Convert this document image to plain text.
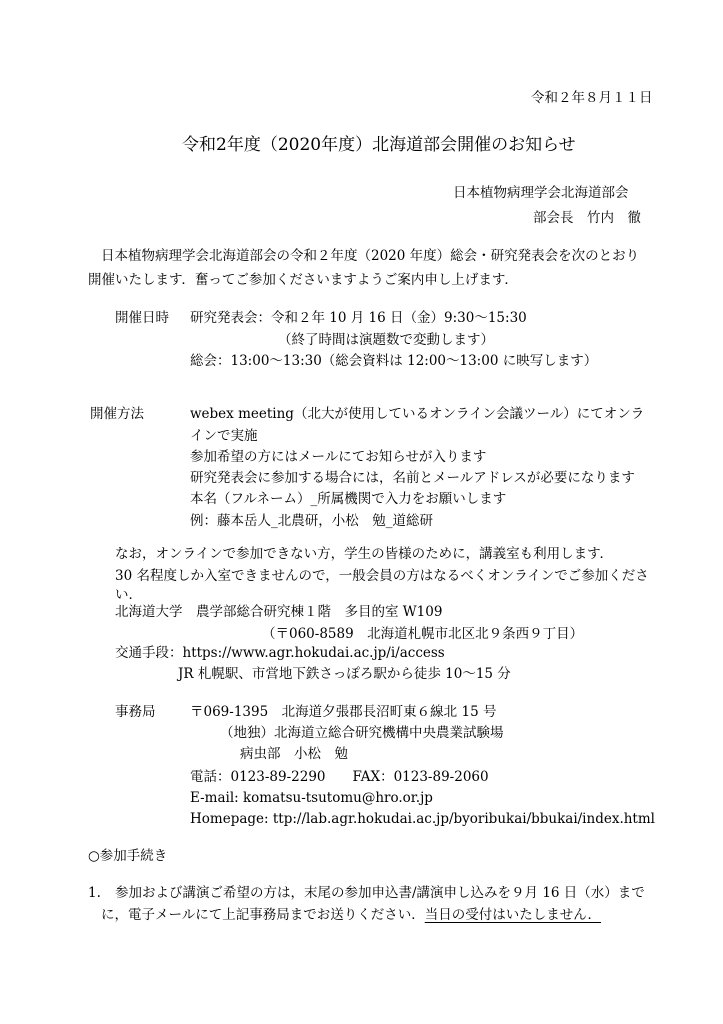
令和２年８月１１日
令和2年度（2020年度）北海道部会開催のお知らせ
日本植物病理学会北海道部会
部会長　竹内　徹
日本植物病理学会北海道部会の令和２年度（2020 年度）総会・研究発表会を次のとおり
開催いたします．奮ってご参加くださいますようご案内申し上げます．
開催日時 研究発表会：令和２年 10 月 16 日（金）9:30～15:30
（終了時間は演題数で変動します）
総会：13:00～13:30（総会資料は 12:00～13:00 に映写します）
開催方法	webex meeting（北大が使用しているオンライン会議ツール）にてオンラ
インで実施
参加希望の方にはメールにてお知らせが入ります
研究発表会に参加する場合には，名前とメールアドレスが必要になります
本名（フルネーム）_所属機関で入力をお願いします
例：藤本岳人_北農研，小松　勉_道総研
なお，オンラインで参加できない方，学生の皆様のために，講義室も利用します．
30 名程度しか入室できませんので，一般会員の方はなるべくオンラインでご参加くださ
い．
北海道大学　農学部総合研究棟１階　多目的室 W109
（〒060-8589　北海道札幌市北区北９条西９丁目）
交通手段：https://www.agr.hokudai.ac.jp/i/access
JR 札幌駅、市営地下鉄さっぽろ駅から徒歩 10～15 分
事務局	〒069-1395　北海道夕張郡長沼町東６線北 15 号
（地独）北海道立総合研究機構中央農業試験場
病虫部　小松　勉
電話：0123-89-2290　　FAX：0123-89-2060
E-mail: komatsu-tsutomu@hro.or.jp
Homepage: ttp://lab.agr.hokudai.ac.jp/byoribukai/bbukai/index.html
○参加手続き
1. 参加および講演ご希望の方は，末尾の参加申込書/講演申し込みを９月 16 日（水）まで
に，電子メールにて上記事務局までお送りください．当日の受付はいたしません．
